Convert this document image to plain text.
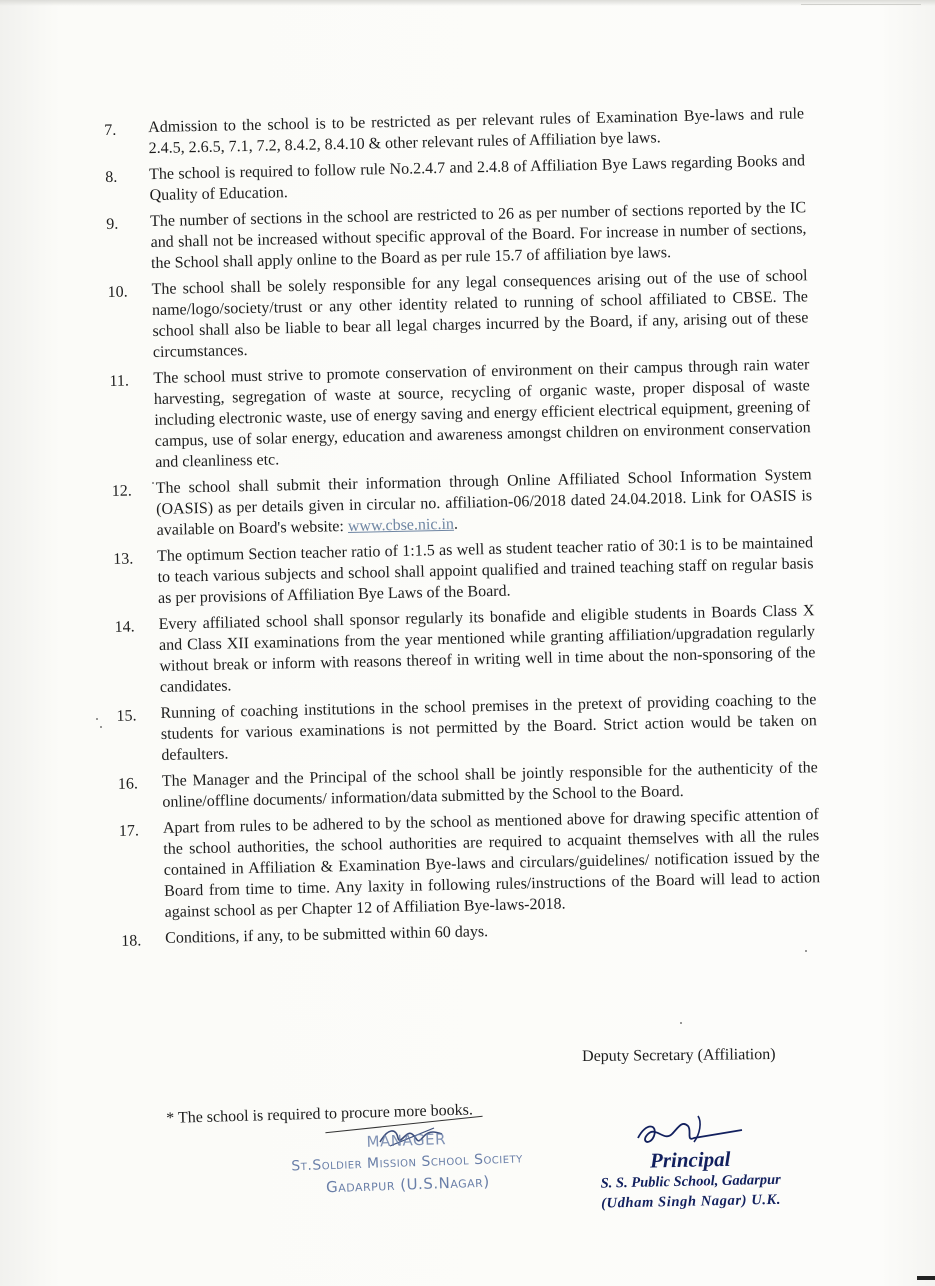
7.	Admission to the school is to be restricted as per relevant rules of Examination Bye-laws and rule 2.4.5, 2.6.5, 7.1, 7.2, 8.4.2, 8.4.10 & other relevant rules of Affiliation bye laws.
8.	The school is required to follow rule No.2.4.7 and 2.4.8 of Affiliation Bye Laws regarding Books and Quality of Education.
9.	The number of sections in the school are restricted to 26 as per number of sections reported by the IC and shall not be increased without specific approval of the Board. For increase in number of sections, the School shall apply online to the Board as per rule 15.7 of affiliation bye laws.
10.	The school shall be solely responsible for any legal consequences arising out of the use of school name/logo/society/trust or any other identity related to running of school affiliated to CBSE. The school shall also be liable to bear all legal charges incurred by the Board, if any, arising out of these circumstances.
11.	The school must strive to promote conservation of environment on their campus through rain water harvesting, segregation of waste at source, recycling of organic waste, proper disposal of waste including electronic waste, use of energy saving and energy efficient electrical equipment, greening of campus, use of solar energy, education and awareness amongst children on environment conservation and cleanliness etc.
12.	The school shall submit their information through Online Affiliated School Information System (OASIS) as per details given in circular no. affiliation-06/2018 dated 24.04.2018. Link for OASIS is available on Board's website: www.cbse.nic.in.
13.	The optimum Section teacher ratio of 1:1.5 as well as student teacher ratio of 30:1 is to be maintained to teach various subjects and school shall appoint qualified and trained teaching staff on regular basis as per provisions of Affiliation Bye Laws of the Board.
14.	Every affiliated school shall sponsor regularly its bonafide and eligible students in Boards Class X and Class XII examinations from the year mentioned while granting affiliation/upgradation regularly without break or inform with reasons thereof in writing well in time about the non-sponsoring of the candidates.
15.	Running of coaching institutions in the school premises in the pretext of providing coaching to the students for various examinations is not permitted by the Board. Strict action would be taken on defaulters.
16.	The Manager and the Principal of the school shall be jointly responsible for the authenticity of the online/offline documents/ information/data submitted by the School to the Board.
17.	Apart from rules to be adhered to by the school as mentioned above for drawing specific attention of the school authorities, the school authorities are required to acquaint themselves with all the rules contained in Affiliation & Examination Bye-laws and circulars/guidelines/ notification issued by the Board from time to time. Any laxity in following rules/instructions of the Board will lead to action against school as per Chapter 12 of Affiliation Bye-laws-2018.
18.	Conditions, if any, to be submitted within 60 days.
Deputy Secretary (Affiliation)
* The school is required to procure more books.
MANAGER
St.Soldier Mission School Society
Gadarpur (U.S.Nagar)
Principal
S. S. Public School, Gadarpur
(Udham Singh Nagar) U.K.
